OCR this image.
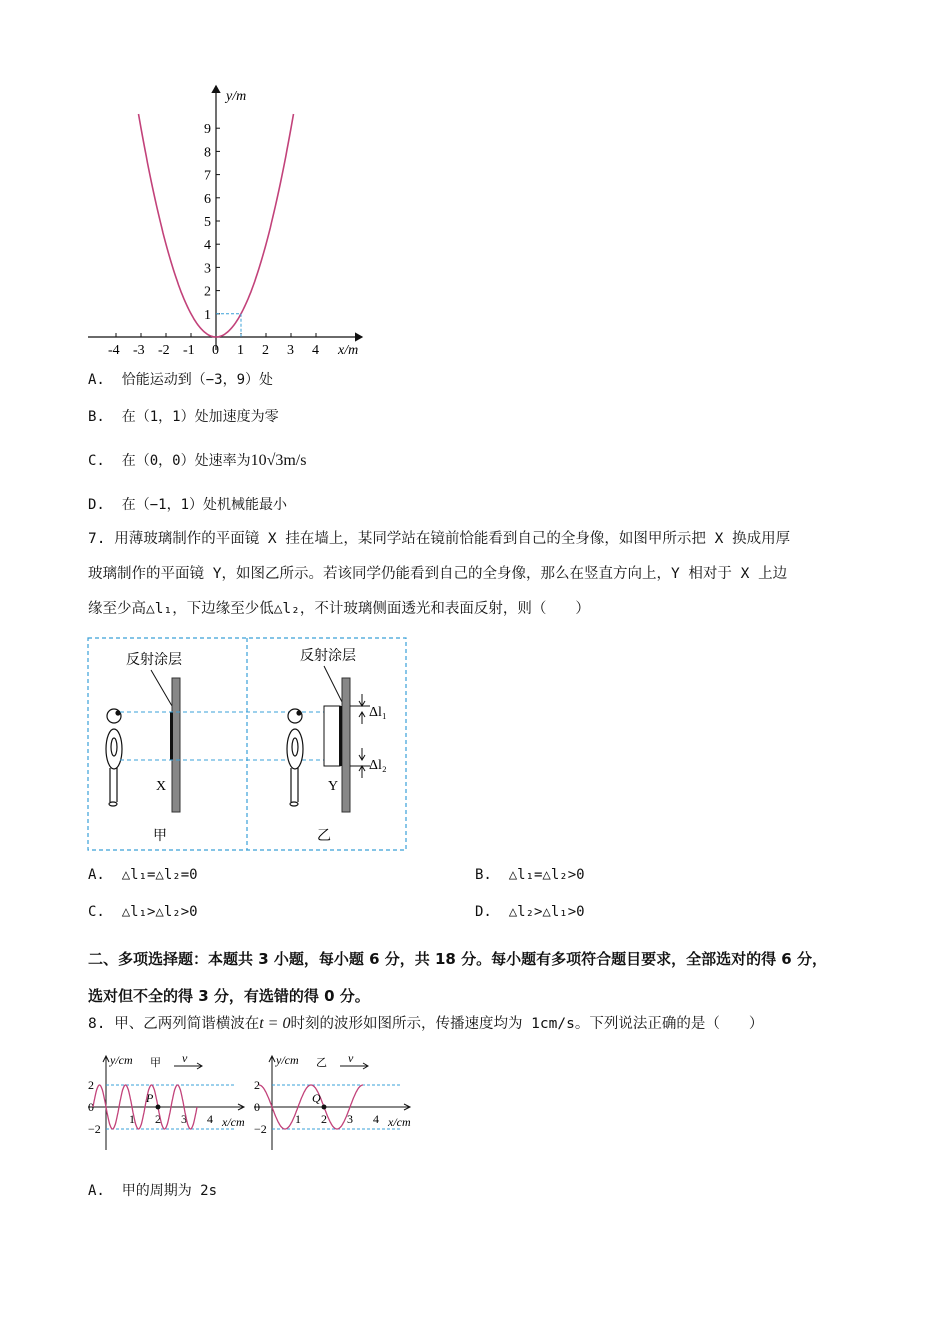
y/m
x/m
9
8
7
6
5
4
3
2
1
-4 -3 -2 -1 0 1 2 3 4
A. 恰能运动到（−3，9）处
B. 在（1，1）处加速度为零
C. 在（0，0）处速率为10√3m/s
D. 在（−1，1）处机械能最小
7. 用薄玻璃制作的平面镜 X 挂在墙上，某同学站在镜前恰能看到自己的全身像，如图甲所示把 X 换成用厚
玻璃制作的平面镜 Y，如图乙所示。若该同学仍能看到自己的全身像，那么在竖直方向上，Y 相对于 X 上边
缘至少高△l₁，下边缘至少低△l₂，不计玻璃侧面透光和表面反射，则（　　）
反射涂层
X
甲
反射涂层
Y
乙
Δl₁
Δl₂
A. △l₁=△l₂=0	B. △l₁=△l₂>0
C. △l₁>△l₂>0	D. △l₂>△l₁>0
二、多项选择题：本题共 3 小题，每小题 6 分，共 18 分。每小题有多项符合题目要求，全部选对的得 6 分，
选对但不全的得 3 分，有选错的得 0 分。
8. 甲、乙两列简谐横波在t = 0时刻的波形如图所示，传播速度均为 1cm/s。下列说法正确的是（　　）
y/cm
x/cm
2
0
−2
1 2 3 4
甲 v
P
y/cm
x/cm
2
0
−2
1 2 3 4
乙 v
Q
A. 甲的周期为 2s
